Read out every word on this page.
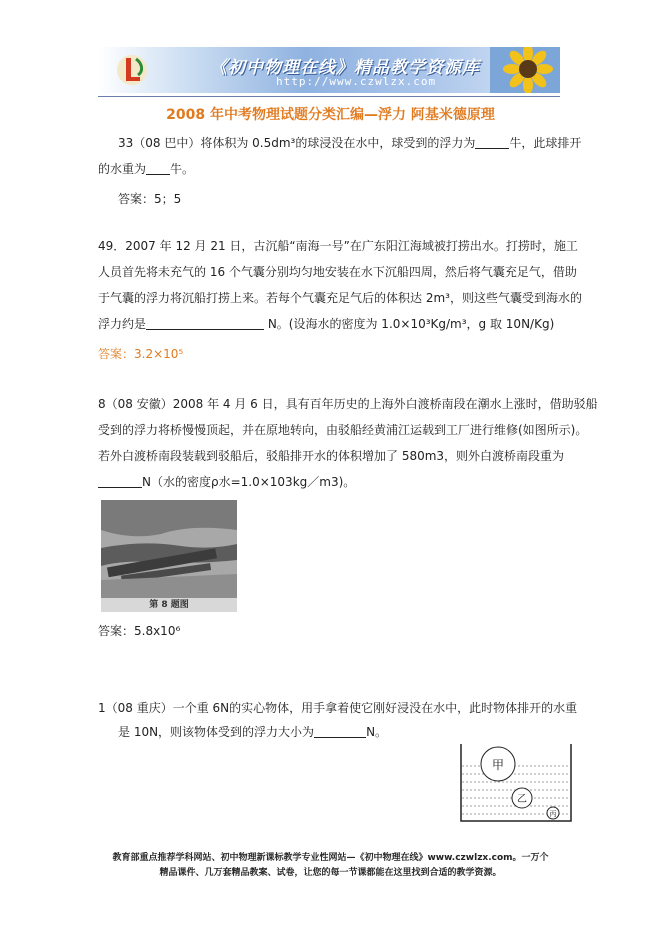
《初中物理在线》精品教学资源库
http://www.czwlzx.com
2008 年中考物理试题分类汇编—浮力 阿基米德原理
33（08 巴中）将体积为 0.5dm³的球浸没在水中，球受到的浮力为	牛，此球排开
的水重为 牛。
答案：5；5
49．2007 年 12 月 21 日，古沉船“南海一号”在广东阳江海域被打捞出水。打捞时，施工
人员首先将未充气的 16 个气囊分别均匀地安装在水下沉船四周，然后将气囊充足气，借助
于气囊的浮力将沉船打捞上来。若每个气囊充足气后的体积达 2m³，则这些气囊受到海水的
浮力约是	N。(设海水的密度为 1.0×10³Kg/m³，g 取 10N/Kg)
答案：3.2×10⁵
8（08 安徽）2008 年 4 月 6 日，具有百年历史的上海外白渡桥南段在潮水上涨时，借助驳船
受到的浮力将桥慢慢顶起，并在原地转向，由驳船经黄浦江运载到工厂进行维修(如图所示)。
若外白渡桥南段装载到驳船后，驳船排开水的体积增加了 580m3，则外白渡桥南段重为
N（水的密度ρ水=1.0×103kg／m3)。
第 8 题图
答案：5.8x10⁶
1（08 重庆）一个重 6N的实心物体，用手拿着使它刚好浸没在水中，此时物体排开的水重
是 10N，则该物体受到的浮力大小为	N。
甲
乙
丙
教育部重点推荐学科网站、初中物理新课标教学专业性网站—《初中物理在线》www.czwlzx.com。一万个
精品课件、几万套精品教案、试卷，让您的每一节课都能在这里找到合适的教学资源。
